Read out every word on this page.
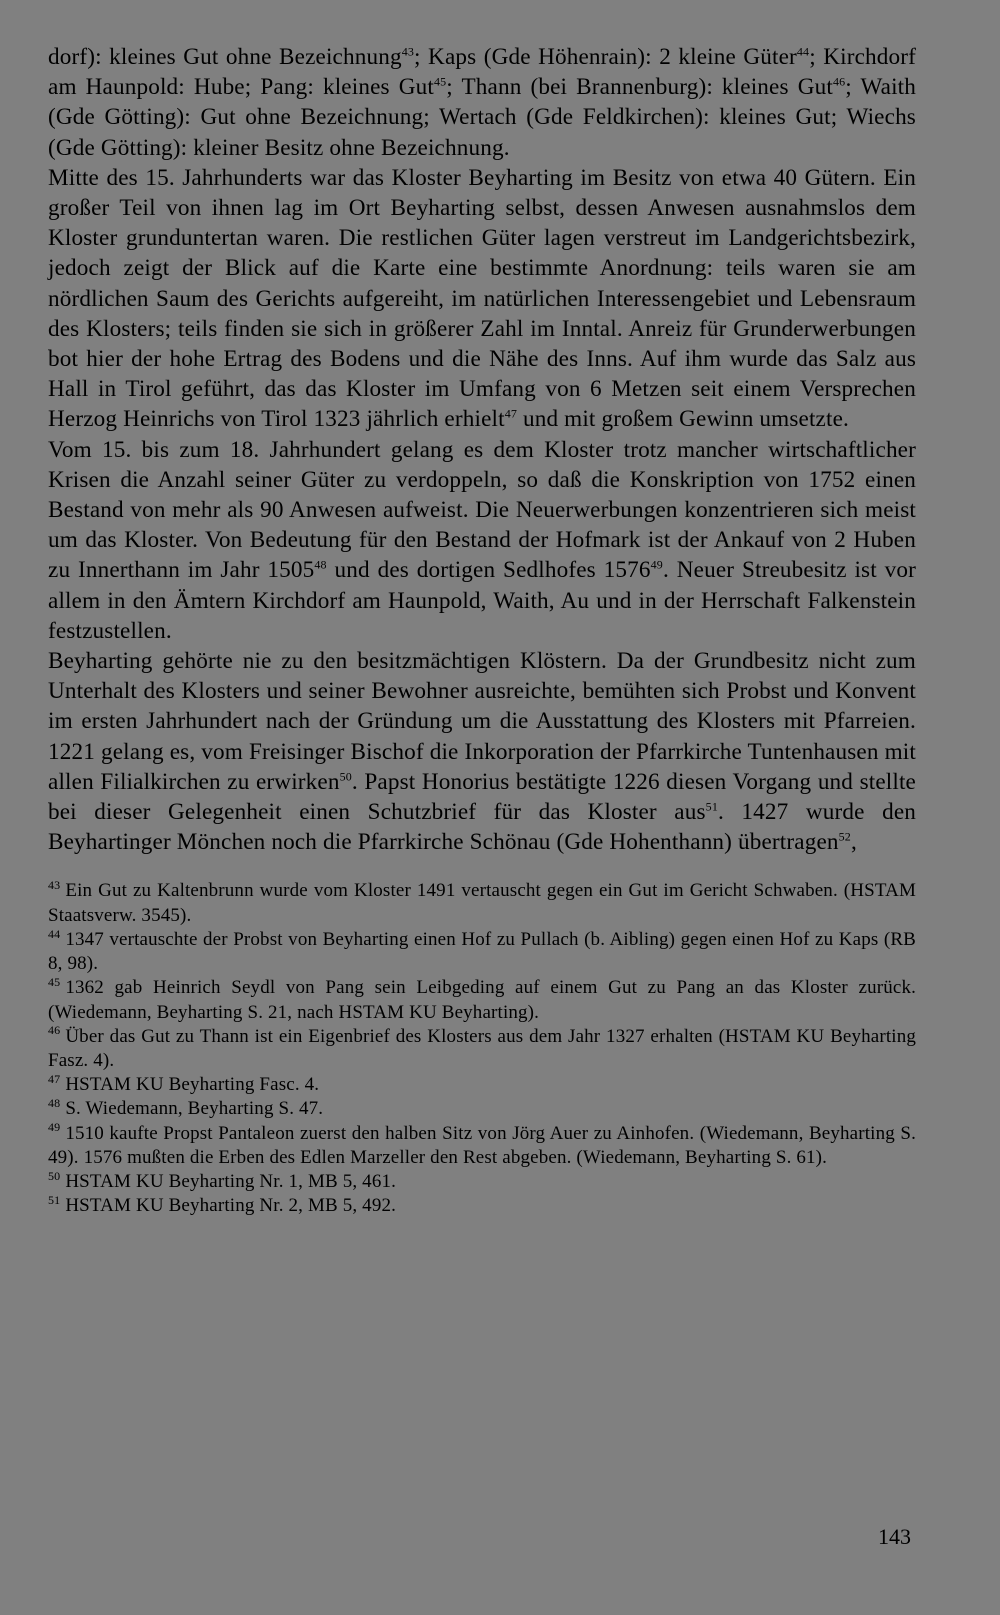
dorf): kleines Gut ohne Bezeichnung$^{43}$; Kaps (Gde Höhenrain): 2 kleine Güter$^{44}$; Kirchdorf am Haunpold: Hube; Pang: kleines Gut$^{45}$; Thann (bei Brannenburg): kleines Gut$^{46}$; Waith (Gde Götting): Gut ohne Bezeichnung; Wertach (Gde Feldkirchen): kleines Gut; Wiechs (Gde Götting): kleiner Besitz ohne Bezeichnung.

Mitte des 15. Jahrhunderts war das Kloster Beyharting im Besitz von etwa 40 Gütern. Ein großer Teil von ihnen lag im Ort Beyharting selbst, dessen Anwesen ausnahmslos dem Kloster grunduntertan waren. Die restlichen Güter lagen verstreut im Landgerichtsbezirk, jedoch zeigt der Blick auf die Karte eine bestimmte Anordnung: teils waren sie am nördlichen Saum des Gerichts aufgereiht, im natürlichen Interessengebiet und Lebensraum des Klosters; teils finden sie sich in größerer Zahl im Inntal. Anreiz für Grunderwerbungen bot hier der hohe Ertrag des Bodens und die Nähe des Inns. Auf ihm wurde das Salz aus Hall in Tirol geführt, das das Kloster im Umfang von 6 Metzen seit einem Versprechen Herzog Heinrichs von Tirol 1323 jährlich erhielt$^{47}$ und mit großem Gewinn umsetzte.

Vom 15. bis zum 18. Jahrhundert gelang es dem Kloster trotz mancher wirtschaftlicher Krisen die Anzahl seiner Güter zu verdoppeln, so daß die Konskription von 1752 einen Bestand von mehr als 90 Anwesen aufweist. Die Neuerwerbungen konzentrieren sich meist um das Kloster. Von Bedeutung für den Bestand der Hofmark ist der Ankauf von 2 Huben zu Innerthann im Jahr 1505$^{48}$ und des dortigen Sedlhofes 1576$^{49}$. Neuer Streubesitz ist vor allem in den Ämtern Kirchdorf am Haunpold, Waith, Au und in der Herrschaft Falkenstein festzustellen.

Beyharting gehörte nie zu den besitzmächtigen Klöstern. Da der Grundbesitz nicht zum Unterhalt des Klosters und seiner Bewohner ausreichte, bemühten sich Probst und Konvent im ersten Jahrhundert nach der Gründung um die Ausstattung des Klosters mit Pfarreien. 1221 gelang es, vom Freisinger Bischof die Inkorporation der Pfarrkirche Tuntenhausen mit allen Filialkirchen zu erwirken$^{50}$. Papst Honorius bestätigte 1226 diesen Vorgang und stellte bei dieser Gelegenheit einen Schutzbrief für das Kloster aus$^{51}$. 1427 wurde den Beyhartinger Mönchen noch die Pfarrkirche Schönau (Gde Hohenthann) übertragen$^{52}$,

$^{43}$ Ein Gut zu Kaltenbrunn wurde vom Kloster 1491 vertauscht gegen ein Gut im Gericht Schwaben. (HSTAM Staatsverw. 3545).

$^{44}$ 1347 vertauschte der Probst von Beyharting einen Hof zu Pullach (b. Aibling) gegen einen Hof zu Kaps (RB 8, 98).

$^{45}$ 1362 gab Heinrich Seydl von Pang sein Leibgeding auf einem Gut zu Pang an das Kloster zurück. (Wiedemann, Beyharting S. 21, nach HSTAM KU Beyharting).

$^{46}$ Über das Gut zu Thann ist ein Eigenbrief des Klosters aus dem Jahr 1327 erhalten (HSTAM KU Beyharting Fasz. 4).

$^{47}$ HSTAM KU Beyharting Fasc. 4.

$^{48}$ S. Wiedemann, Beyharting S. 47.

$^{49}$ 1510 kaufte Propst Pantaleon zuerst den halben Sitz von Jörg Auer zu Ainhofen. (Wiedemann, Beyharting S. 49). 1576 mußten die Erben des Edlen Marzeller den Rest abgeben. (Wiedemann, Beyharting S. 61).

$^{50}$ HSTAM KU Beyharting Nr. 1, MB 5, 461.

$^{51}$ HSTAM KU Beyharting Nr. 2, MB 5, 492.

143
